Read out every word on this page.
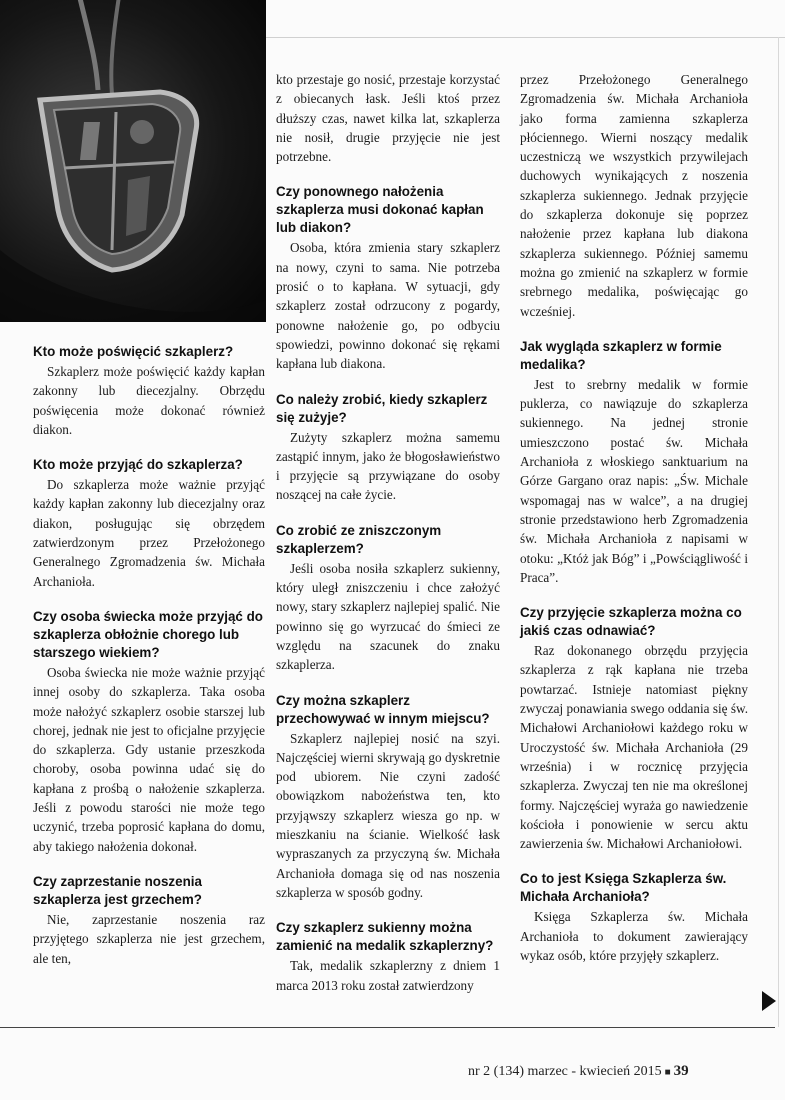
Kto może poświęcić szkaplerz?

Szkaplerz może poświęcić każdy kapłan zakonny lub diecezjalny. Obrzędu poświęcenia może dokonać również diakon.

Kto może przyjąć do szkaplerza?

Do szkaplerza może ważnie przyjąć każdy kapłan zakonny lub diecezjalny oraz diakon, posługując się obrzędem zatwierdzonym przez Przełożonego Generalnego Zgromadzenia św. Michała Archanioła.

Czy osoba świecka może przyjąć do szkaplerza obłożnie chorego lub starszego wiekiem?

Osoba świecka nie może ważnie przyjąć innej osoby do szkaplerza. Taka osoba może nałożyć szkaplerz osobie starszej lub chorej, jednak nie jest to oficjalne przyjęcie do szkaplerza. Gdy ustanie przeszkoda choroby, osoba powinna udać się do kapłana z prośbą o nałożenie szkaplerza. Jeśli z powodu starości nie może tego uczynić, trzeba poprosić kapłana do domu, aby takiego nałożenia dokonał.

Czy zaprzestanie noszenia szkaplerza jest grzechem?

Nie, zaprzestanie noszenia raz przyjętego szkaplerza nie jest grzechem, ale ten,

kto przestaje go nosić, przestaje korzystać z obiecanych łask. Jeśli ktoś przez dłuższy czas, nawet kilka lat, szkaplerza nie nosił, drugie przyjęcie nie jest potrzebne.

Czy ponownego nałożenia szkaplerza musi dokonać kapłan lub diakon?

Osoba, która zmienia stary szkaplerz na nowy, czyni to sama. Nie potrzeba prosić o to kapłana. W sytuacji, gdy szkaplerz został odrzucony z pogardy, ponowne nałożenie go, po odbyciu spowiedzi, powinno dokonać się rękami kapłana lub diakona.

Co należy zrobić, kiedy szkaplerz się zużyje?

Zużyty szkaplerz można samemu zastąpić innym, jako że błogosławieństwo i przyjęcie są przywiązane do osoby noszącej na całe życie.

Co zrobić ze zniszczonym szkaplerzem?

Jeśli osoba nosiła szkaplerz sukienny, który uległ zniszczeniu i chce założyć nowy, stary szkaplerz najlepiej spalić. Nie powinno się go wyrzucać do śmieci ze względu na szacunek do znaku szkaplerza.

Czy można szkaplerz przechowywać w innym miejscu?

Szkaplerz najlepiej nosić na szyi. Najczęściej wierni skrywają go dyskretnie pod ubiorem. Nie czyni zadość obowiązkom nabożeństwa ten, kto przyjąwszy szkaplerz wiesza go np. w mieszkaniu na ścianie. Wielkość łask wypraszanych za przyczyną św. Michała Archanioła domaga się od nas noszenia szkaplerza w sposób godny.

Czy szkaplerz sukienny można zamienić na medalik szkaplerzny?

Tak, medalik szkaplerzny z dniem 1 marca 2013 roku został zatwierdzony

przez Przełożonego Generalnego Zgromadzenia św. Michała Archanioła jako forma zamienna szkaplerza płóciennego. Wierni noszący medalik uczestniczą we wszystkich przywilejach duchowych wynikających z noszenia szkaplerza sukiennego. Jednak przyjęcie do szkaplerza dokonuje się poprzez nałożenie przez kapłana lub diakona szkaplerza sukiennego. Później samemu można go zmienić na szkaplerz w formie srebrnego medalika, poświęcając go wcześniej.

Jak wygląda szkaplerz w formie medalika?

Jest to srebrny medalik w formie puklerza, co nawiązuje do szkaplerza sukiennego. Na jednej stronie umieszczono postać św. Michała Archanioła z włoskiego sanktuarium na Górze Gargano oraz napis: „Św. Michale wspomagaj nas w walce”, a na drugiej stronie przedstawiono herb Zgromadzenia św. Michała Archanioła z napisami w otoku: „Któż jak Bóg” i „Powściągliwość i Praca”.

Czy przyjęcie szkaplerza można co jakiś czas odnawiać?

Raz dokonanego obrzędu przyjęcia szkaplerza z rąk kapłana nie trzeba powtarzać. Istnieje natomiast piękny zwyczaj ponawiania swego oddania się św. Michałowi Archaniołowi każdego roku w Uroczystość św. Michała Archanioła (29 września) i w rocznicę przyjęcia szkaplerza. Zwyczaj ten nie ma określonej formy. Najczęściej wyraża go nawiedzenie kościoła i ponowienie w sercu aktu zawierzenia św. Michałowi Archaniołowi.

Co to jest Księga Szkaplerza św. Michała Archanioła?

Księga Szkaplerza św. Michała Archanioła to dokument zawierający wykaz osób, które przyjęły szkaplerz.

nr 2 (134) marzec - kwiecień 2015 ■ 39
